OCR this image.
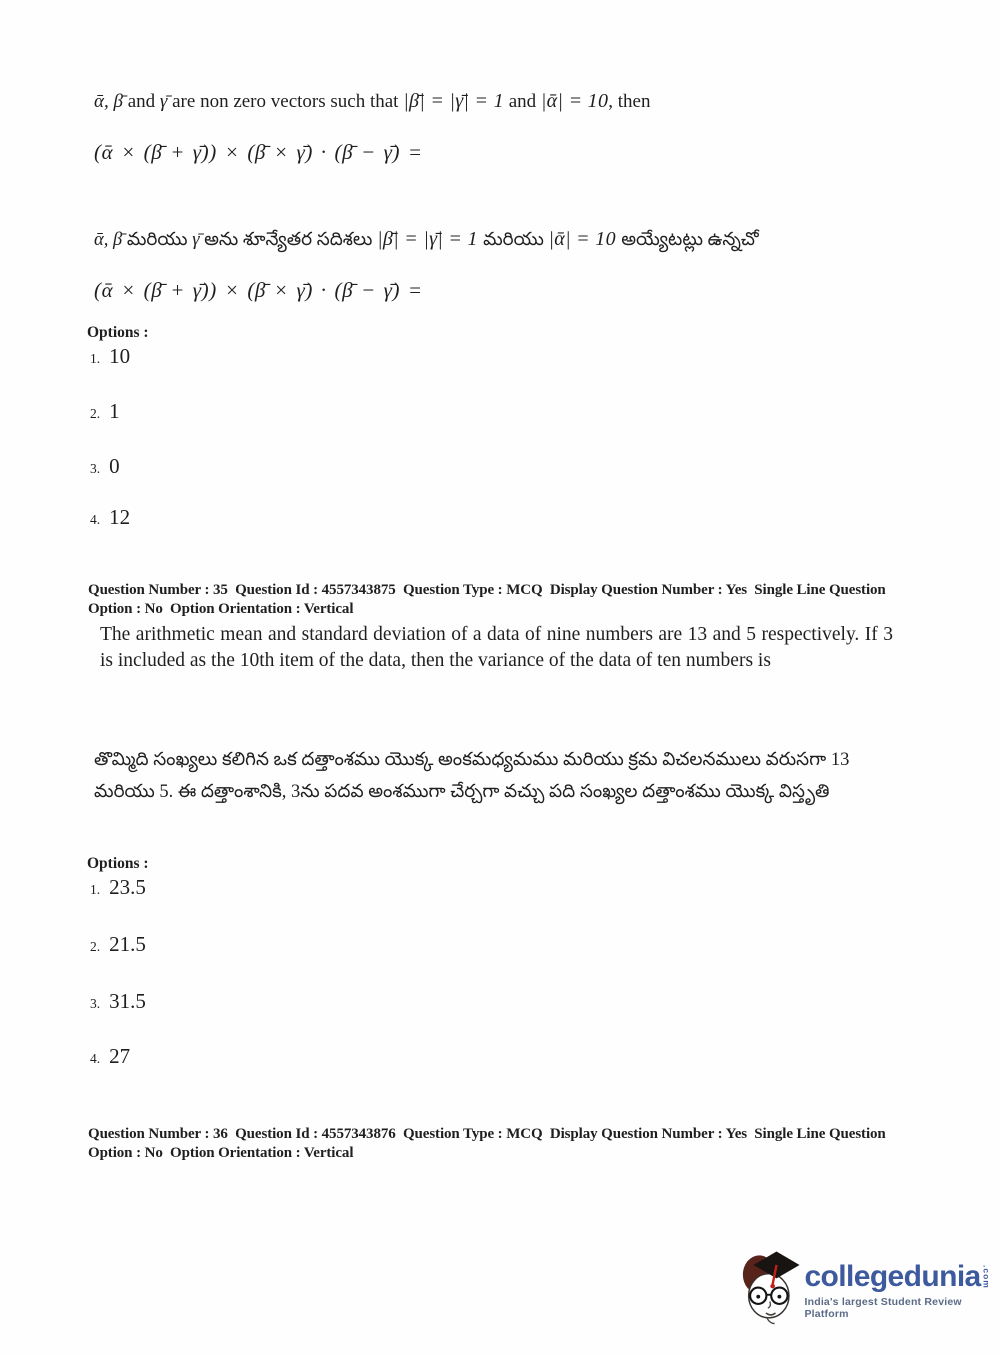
ᾱ, β̄ and γ̄ are non zero vectors such that |β̄| = |γ̄| = 1 and |ᾱ| = 10, then

(ᾱ × (β̄ + γ̄)) × (β̄ × γ̄) · (β̄ − γ̄) =

ᾱ, β̄ మరియు γ̄ అను శూన్యేతర సదిశలు |β̄| = |γ̄| = 1 మరియు |ᾱ| = 10 అయ్యేటట్లు ఉన్నచో

(ᾱ × (β̄ + γ̄)) × (β̄ × γ̄) · (β̄ − γ̄) =

Options :
1. 10
2. 1
3. 0
4. 12
Question Number : 35  Question Id : 4557343875  Question Type : MCQ  Display Question Number : Yes  Single Line Question
Option : No  Option Orientation : Vertical

The arithmetic mean and standard deviation of a data of nine numbers are 13 and 5 respectively. If 3 is included as the 10th item of the data, then the variance of the data of ten numbers is

తొమ్మిది సంఖ్యలు కలిగిన ఒక దత్తాంశము యొక్క అంకమధ్యమము మరియు క్రమ విచలనములు వరుసగా 13 మరియు 5. ఈ దత్తాంశానికి, 3ను పదవ అంశముగా చేర్చగా వచ్చు పది సంఖ్యల దత్తాంశము యొక్క విస్తృతి

Options :
1. 23.5
2. 21.5
3. 31.5
4. 27
Question Number : 36  Question Id : 4557343876  Question Type : MCQ  Display Question Number : Yes  Single Line Question
Option : No  Option Orientation : Vertical
collegedunia .com
India's largest Student Review Platform
